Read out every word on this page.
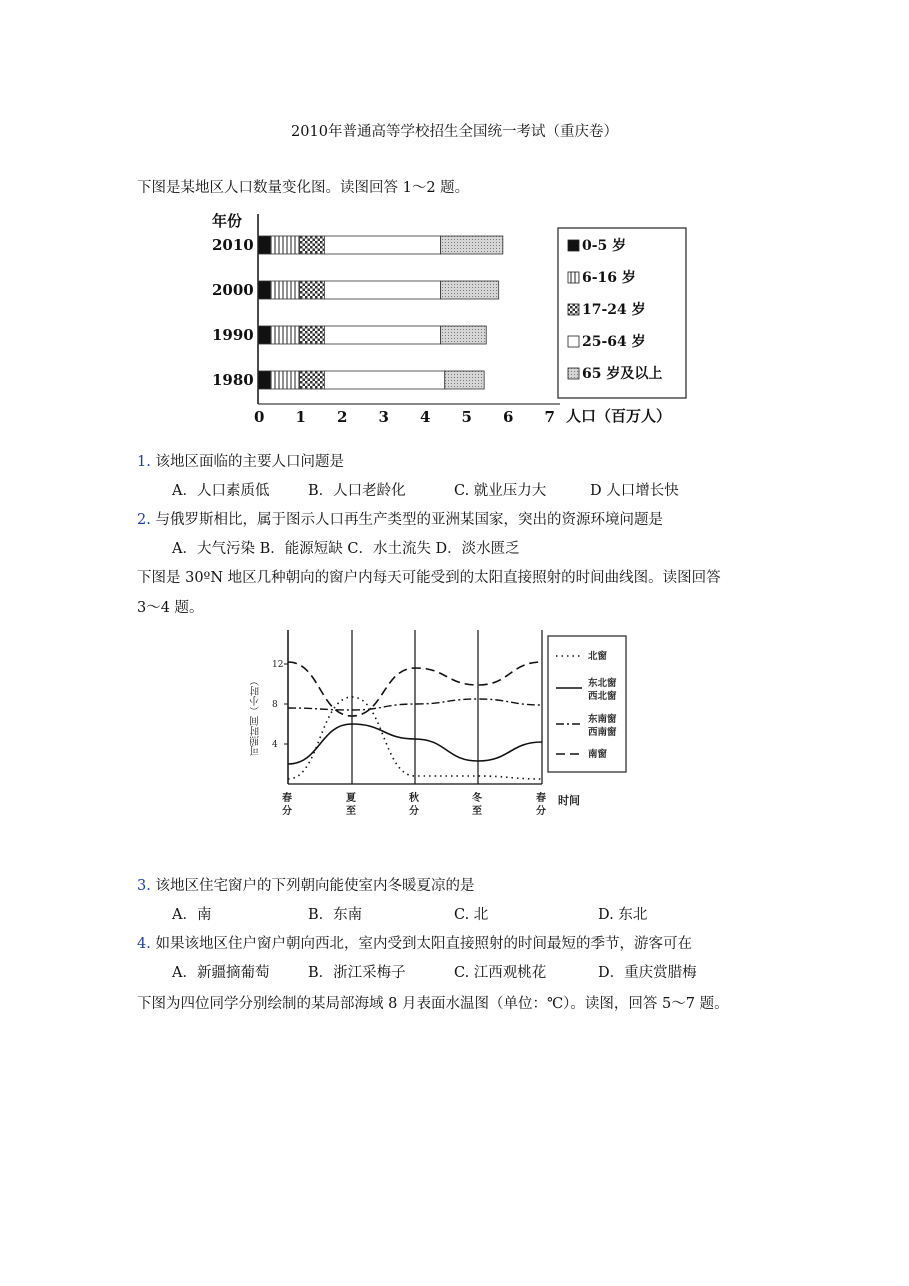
2010年普通高等学校招生全国统一考试（重庆卷）
下图是某地区人口数量变化图。读图回答 1～2 题。
年份
2010
2000
1990
1980
0 1 2 3 4 5 6 7 人口（百万人）
0-5 岁
6-16 岁
17-24 岁
25-64 岁
65 岁及以上
1. 该地区面临的主要人口问题是
A．人口素质低	B．人口老龄化	C. 就业压力大	D 人口增长快
2. 与俄罗斯相比，属于图示人口再生产类型的亚洲某国家，突出的资源环境问题是
A．大气污染 B．能源短缺 C．水土流失 D．淡水匮乏
下图是 30ºN 地区几种朝向的窗户内每天可能受到的太阳直接照射的时间曲线图。读图回答
3～4 题。
可照时间（小时） 4
8
12
春
分
夏
至
秋
分
冬
至
春
分
时间
北窗
东北窗
西北窗
东南窗
西南窗
南窗
3. 该地区住宅窗户的下列朝向能使室内冬暖夏凉的是
A．南	B．东南	C. 北	D. 东北
4. 如果该地区住户窗户朝向西北，室内受到太阳直接照射的时间最短的季节，游客可在
A．新疆摘葡萄	B．浙江采梅子	C. 江西观桃花	D．重庆赏腊梅
下图为四位同学分别绘制的某局部海域 8 月表面水温图（单位：℃）。读图，回答 5～7 题。
